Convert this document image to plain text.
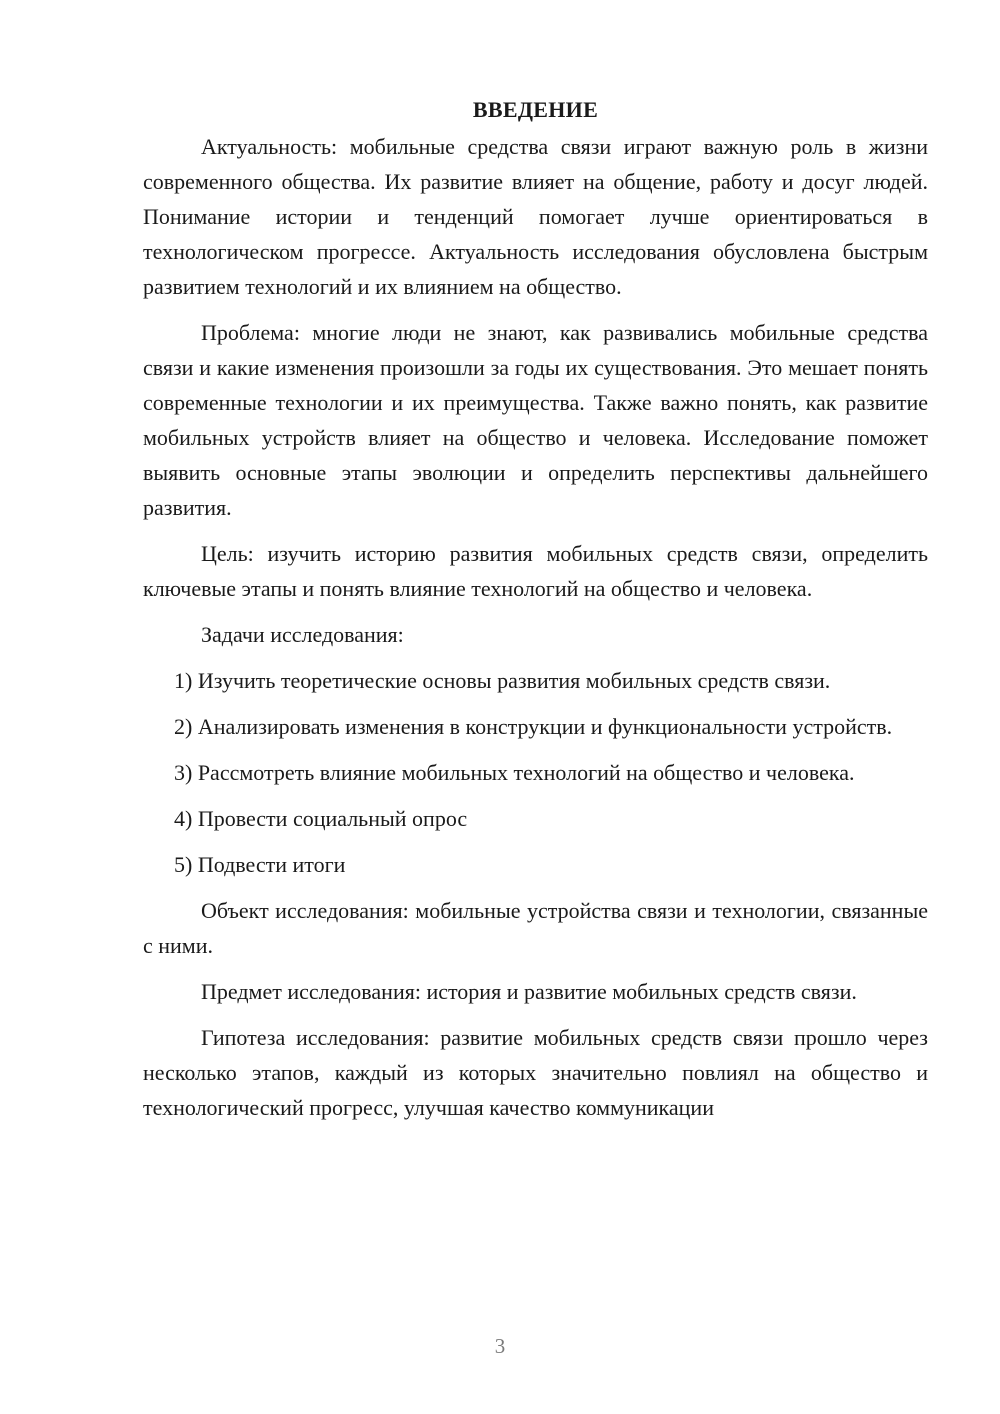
ВВЕДЕНИЕ

Актуальность: мобильные средства связи играют важную роль в жизни современного общества. Их развитие влияет на общение, работу и досуг людей. Понимание истории и тенденций помогает лучше ориентироваться в технологическом прогрессе. Актуальность исследования обусловлена быстрым развитием технологий и их влиянием на общество.

Проблема: многие люди не знают, как развивались мобильные средства связи и какие изменения произошли за годы их существования. Это мешает понять современные технологии и их преимущества. Также важно понять, как развитие мобильных устройств влияет на общество и человека. Исследование поможет выявить основные этапы эволюции и определить перспективы дальнейшего развития.

Цель: изучить историю развития мобильных средств связи, определить ключевые этапы и понять влияние технологий на общество и человека.

Задачи исследования:

1) Изучить теоретические основы развития мобильных средств связи.

2) Анализировать изменения в конструкции и функциональности устройств.

3) Рассмотреть влияние мобильных технологий на общество и человека.

4) Провести социальный опрос

5) Подвести итоги

Объект исследования: мобильные устройства связи и технологии, связанные с ними.

Предмет исследования: история и развитие мобильных средств связи.

Гипотеза исследования: развитие мобильных средств связи прошло через несколько этапов, каждый из которых значительно повлиял на общество и технологический прогресс, улучшая качество коммуникации

3
